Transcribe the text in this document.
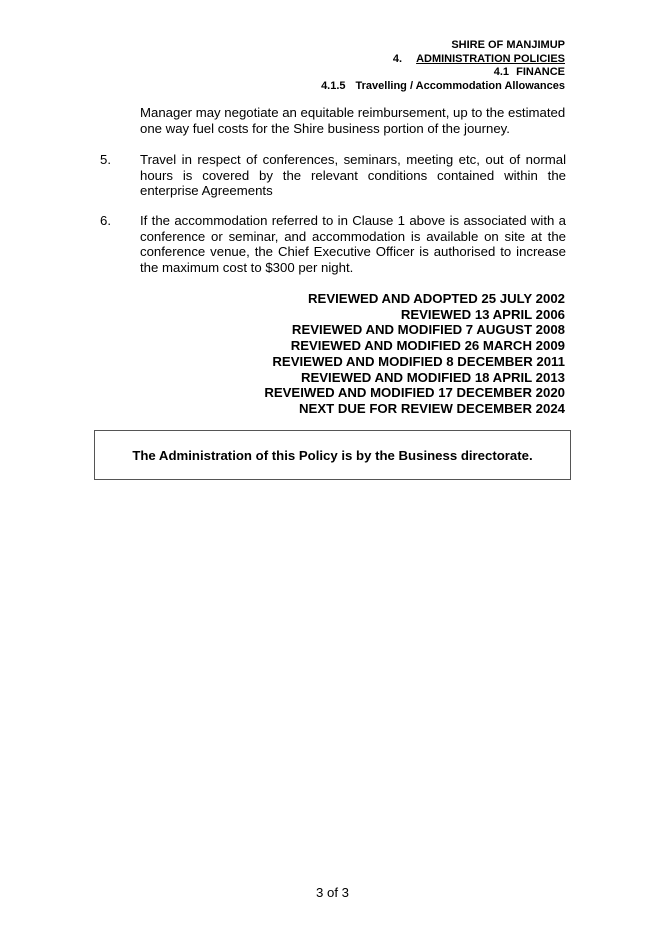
SHIRE OF MANJIMUP
4. ADMINISTRATION POLICIES
4.1 FINANCE
4.1.5 Travelling / Accommodation Allowances
Manager may negotiate an equitable reimbursement, up to the estimated one way fuel costs for the Shire business portion of the journey.
5. Travel in respect of conferences, seminars, meeting etc, out of normal hours is covered by the relevant conditions contained within the enterprise Agreements
6. If the accommodation referred to in Clause 1 above is associated with a conference or seminar, and accommodation is available on site at the conference venue, the Chief Executive Officer is authorised to increase the maximum cost to $300 per night.
REVIEWED AND ADOPTED 25 JULY 2002
REVIEWED 13 APRIL 2006
REVIEWED AND MODIFIED 7 AUGUST 2008
REVIEWED AND MODIFIED 26 MARCH 2009
REVIEWED AND MODIFIED 8 DECEMBER 2011
REVIEWED AND MODIFIED 18 APRIL 2013
REVEIWED AND MODIFIED 17 DECEMBER 2020
NEXT DUE FOR REVIEW DECEMBER 2024
The Administration of this Policy is by the Business directorate.
3 of 3
